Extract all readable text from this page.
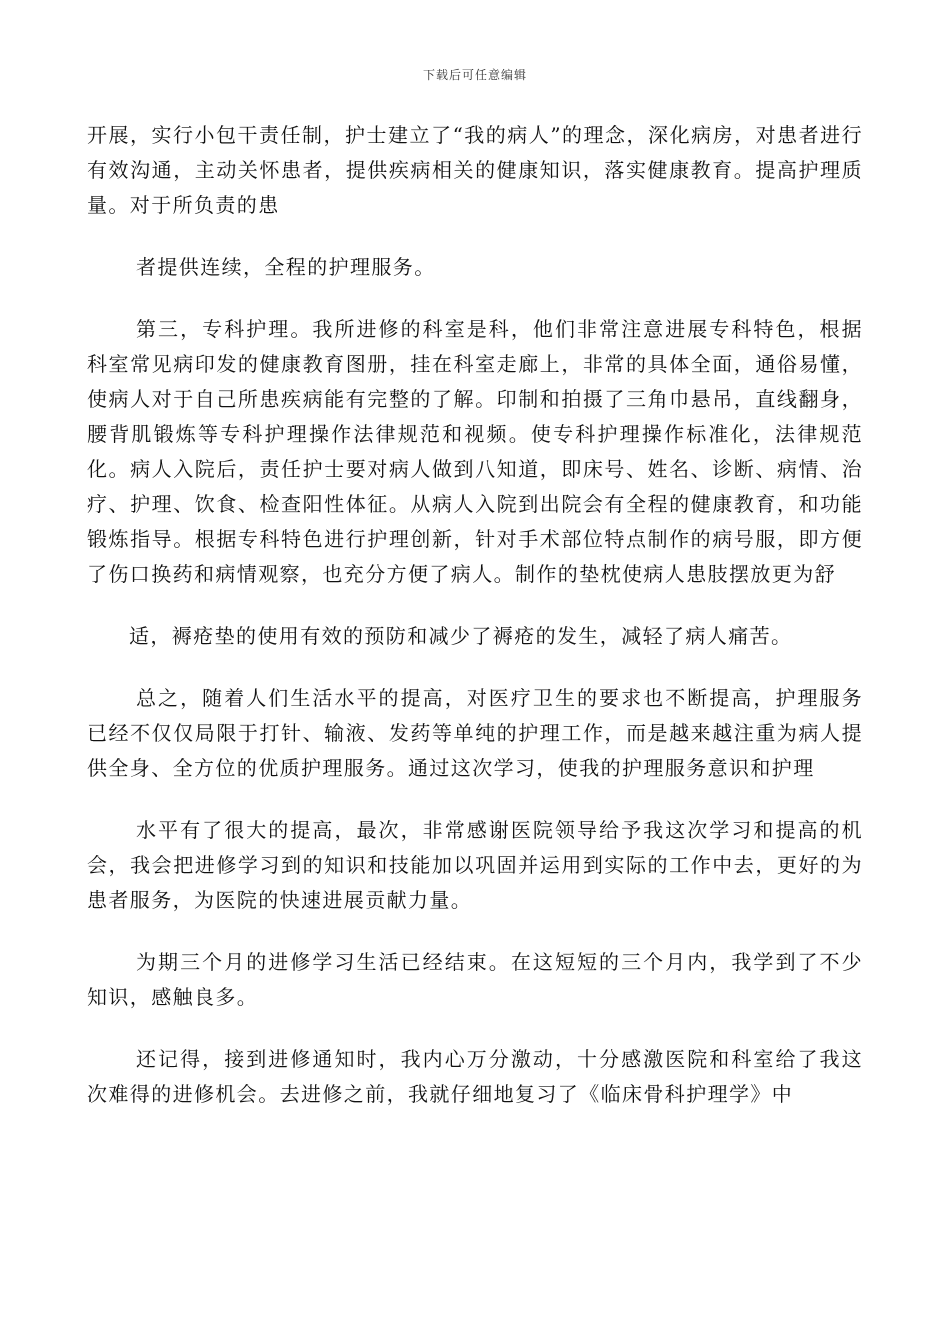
下载后可任意编辑

开展，实行小包干责任制，护士建立了“我的病人”的理念，深化病房，对患者进行有效沟通，主动关怀患者，提供疾病相关的健康知识，落实健康教育。提高护理质量。对于所负责的患

者提供连续，全程的护理服务。

第三，专科护理。我所进修的科室是科，他们非常注意进展专科特色，根据科室常见病印发的健康教育图册，挂在科室走廊上，非常的具体全面，通俗易懂，使病人对于自己所患疾病能有完整的了解。印制和拍摄了三角巾悬吊，直线翻身，腰背肌锻炼等专科护理操作法律规范和视频。使专科护理操作标准化，法律规范化。病人入院后，责任护士要对病人做到八知道，即床号、姓名、诊断、病情、治疗、护理、饮食、检查阳性体征。从病人入院到出院会有全程的健康教育，和功能锻炼指导。根据专科特色进行护理创新，针对手术部位特点制作的病号服，即方便了伤口换药和病情观察，也充分方便了病人。制作的垫枕使病人患肢摆放更为舒

适，褥疮垫的使用有效的预防和减少了褥疮的发生，减轻了病人痛苦。

总之，随着人们生活水平的提高，对医疗卫生的要求也不断提高，护理服务已经不仅仅局限于打针、输液、发药等单纯的护理工作，而是越来越注重为病人提供全身、全方位的优质护理服务。通过这次学习，使我的护理服务意识和护理

水平有了很大的提高，最次，非常感谢医院领导给予我这次学习和提高的机会，我会把进修学习到的知识和技能加以巩固并运用到实际的工作中去，更好的为患者服务，为医院的快速进展贡献力量。

为期三个月的进修学习生活已经结束。在这短短的三个月内，我学到了不少知识，感触良多。

还记得，接到进修通知时，我内心万分激动，十分感激医院和科室给了我这次难得的进修机会。去进修之前，我就仔细地复习了《临床骨科护理学》中
